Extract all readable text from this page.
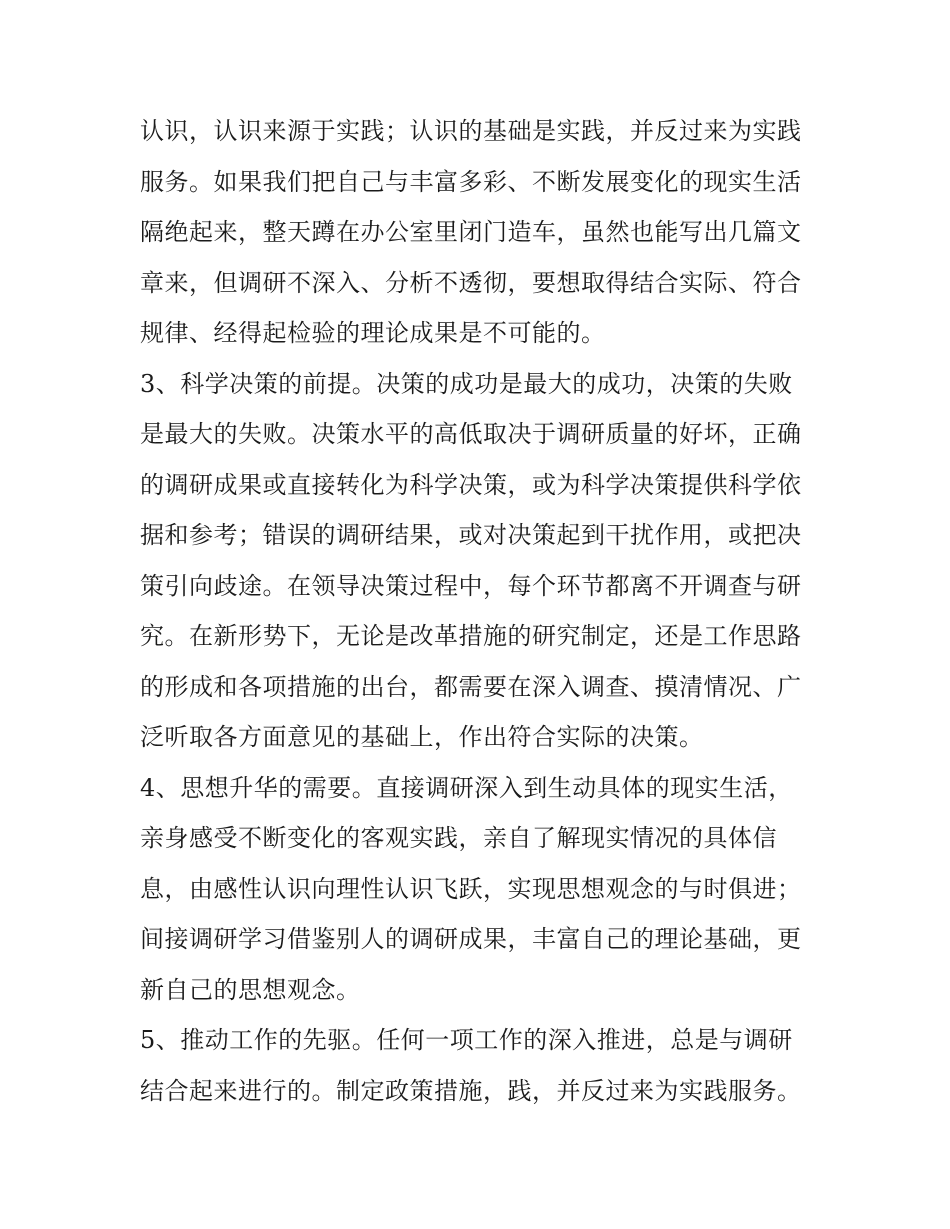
认识，认识来源于实践；认识的基础是实践，并反过来为实践
服务。如果我们把自己与丰富多彩、不断发展变化的现实生活
隔绝起来，整天蹲在办公室里闭门造车，虽然也能写出几篇文
章来，但调研不深入、分析不透彻，要想取得结合实际、符合
规律、经得起检验的理论成果是不可能的。
3、科学决策的前提。决策的成功是最大的成功，决策的失败
是最大的失败。决策水平的高低取决于调研质量的好坏，正确
的调研成果或直接转化为科学决策，或为科学决策提供科学依
据和参考；错误的调研结果，或对决策起到干扰作用，或把决
策引向歧途。在领导决策过程中，每个环节都离不开调查与研
究。在新形势下，无论是改革措施的研究制定，还是工作思路
的形成和各项措施的出台，都需要在深入调查、摸清情况、广
泛听取各方面意见的基础上，作出符合实际的决策。
4、思想升华的需要。直接调研深入到生动具体的现实生活，
亲身感受不断变化的客观实践，亲自了解现实情况的具体信
息，由感性认识向理性认识飞跃，实现思想观念的与时俱进；
间接调研学习借鉴别人的调研成果，丰富自己的理论基础，更
新自己的思想观念。
5、推动工作的先驱。任何一项工作的深入推进，总是与调研
结合起来进行的。制定政策措施，践，并反过来为实践服务。
